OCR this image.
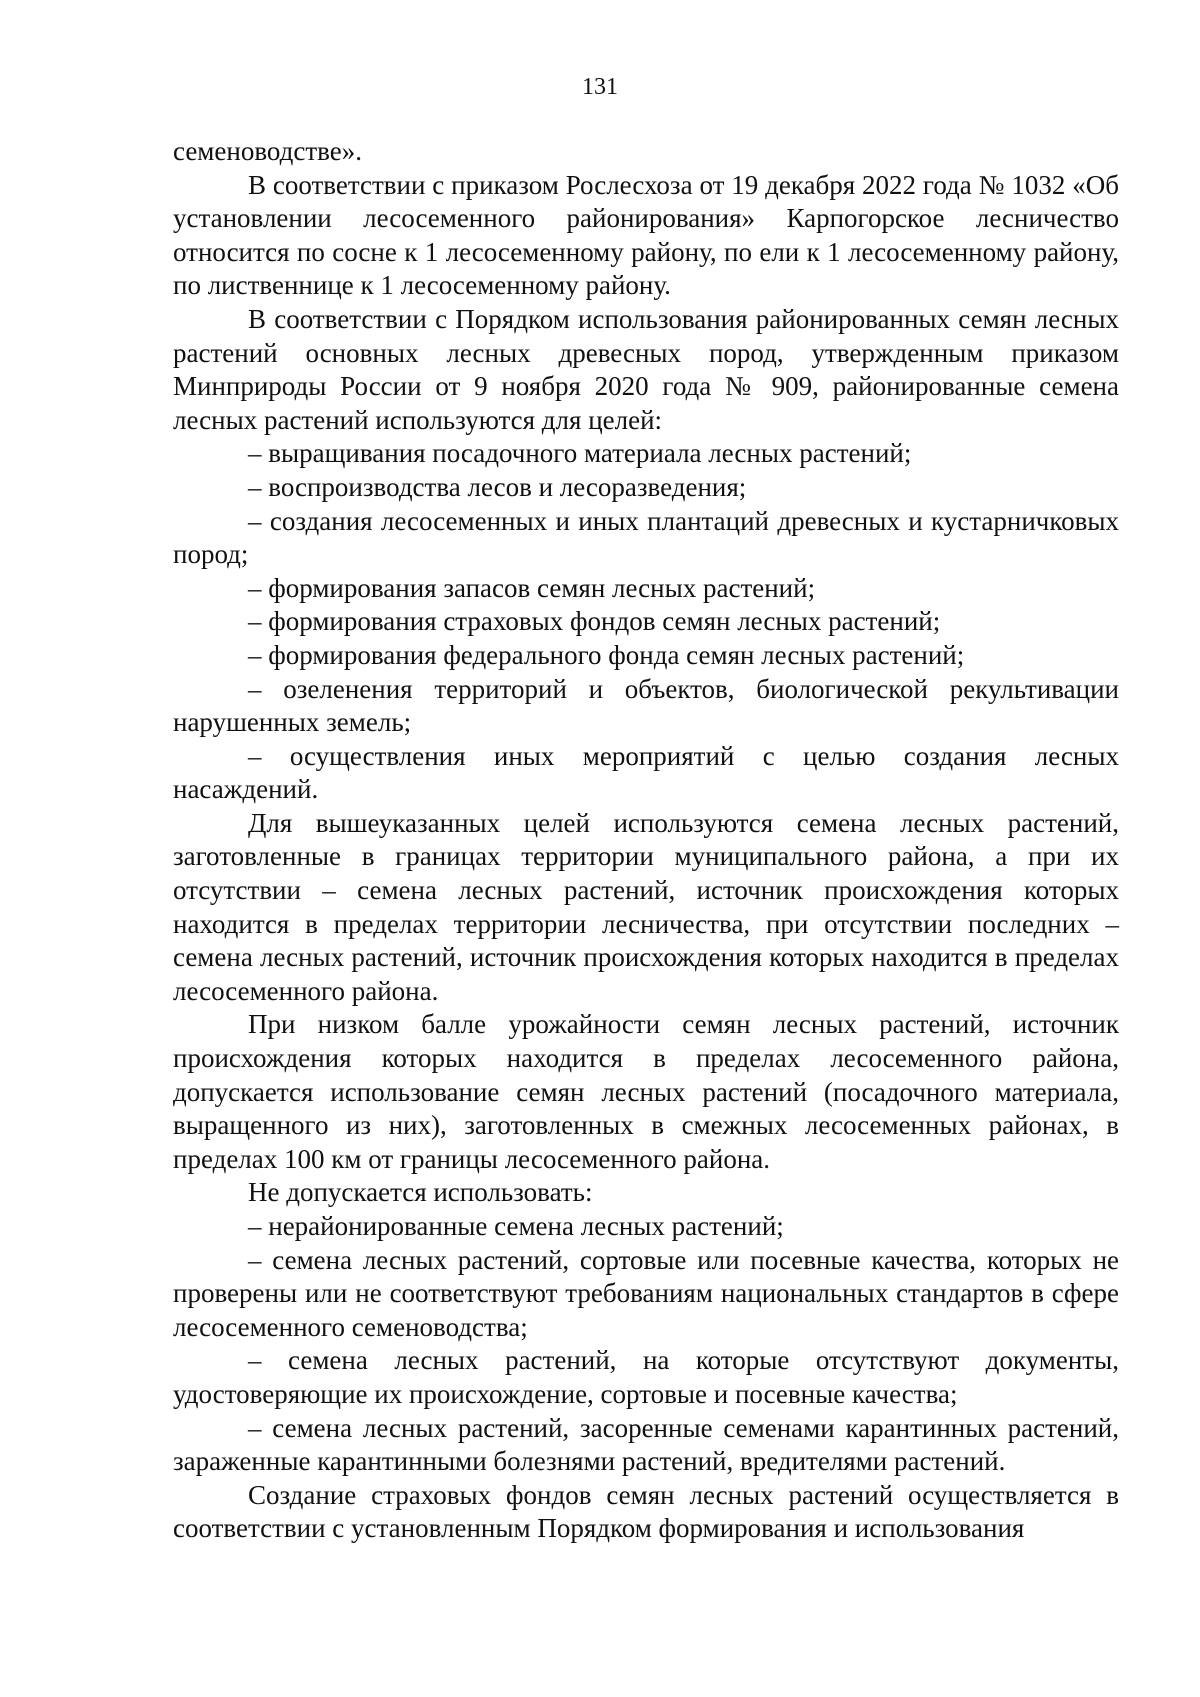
131

семеноводстве».

В соответствии с приказом Рослесхоза от 19 декабря 2022 года № 1032 «Об установлении лесосеменного районирования» Карпогорское лесничество относится по сосне к 1 лесосеменному району, по ели к 1 лесосеменному району, по лиственнице к 1 лесосеменному району.

В соответствии с Порядком использования районированных семян лесных растений основных лесных древесных пород, утвержденным приказом Минприроды России от 9 ноября 2020 года № 909, районированные семена лесных растений используются для целей:

– выращивания посадочного материала лесных растений;

– воспроизводства лесов и лесоразведения;

– создания лесосеменных и иных плантаций древесных и кустарничковых пород;

– формирования запасов семян лесных растений;

– формирования страховых фондов семян лесных растений;

– формирования федерального фонда семян лесных растений;

– озеленения территорий и объектов, биологической рекультивации нарушенных земель;

– осуществления иных мероприятий с целью создания лесных насаждений.

Для вышеуказанных целей используются семена лесных растений, заготовленные в границах территории муниципального района, а при их отсутствии – семена лесных растений, источник происхождения которых находится в пределах территории лесничества, при отсутствии последних – семена лесных растений, источник происхождения которых находится в пределах лесосеменного района.

При низком балле урожайности семян лесных растений, источник происхождения которых находится в пределах лесосеменного района, допускается использование семян лесных растений (посадочного материала, выращенного из них), заготовленных в смежных лесосеменных районах, в пределах 100 км от границы лесосеменного района.

Не допускается использовать:

– нерайонированные семена лесных растений;

– семена лесных растений, сортовые или посевные качества, которых не проверены или не соответствуют требованиям национальных стандартов в сфере лесосеменного семеноводства;

– семена лесных растений, на которые отсутствуют документы, удостоверяющие их происхождение, сортовые и посевные качества;

– семена лесных растений, засоренные семенами карантинных растений, зараженные карантинными болезнями растений, вредителями растений.

Создание страховых фондов семян лесных растений осуществляется в соответствии с установленным Порядком формирования и использования
